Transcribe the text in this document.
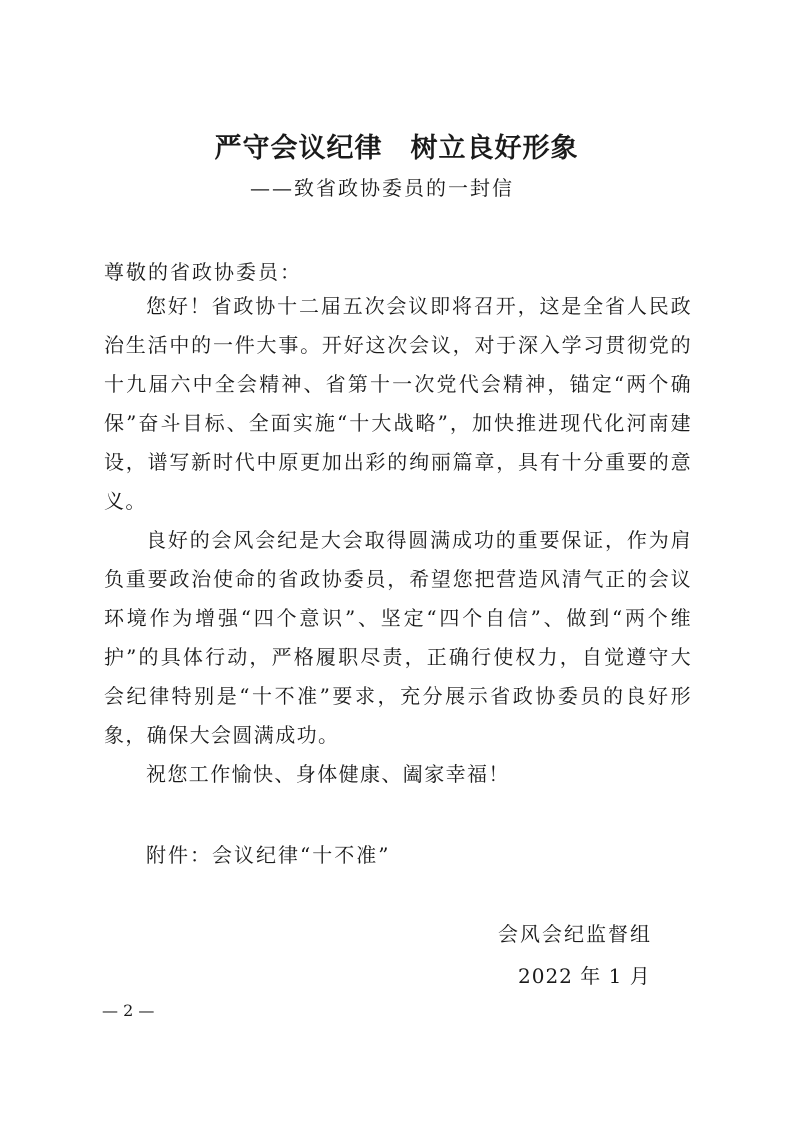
严守会议纪律　树立良好形象
——致省政协委员的一封信
尊敬的省政协委员：

您好！省政协十二届五次会议即将召开，这是全省人民政治生活中的一件大事。开好这次会议，对于深入学习贯彻党的十九届六中全会精神、省第十一次党代会精神，锚定“两个确保”奋斗目标、全面实施“十大战略”，加快推进现代化河南建设，谱写新时代中原更加出彩的绚丽篇章，具有十分重要的意义。

良好的会风会纪是大会取得圆满成功的重要保证，作为肩负重要政治使命的省政协委员，希望您把营造风清气正的会议环境作为增强“四个意识”、坚定“四个自信”、做到“两个维护”的具体行动，严格履职尽责，正确行使权力，自觉遵守大会纪律特别是“十不准”要求，充分展示省政协委员的良好形象，确保大会圆满成功。

祝您工作愉快、身体健康、阖家幸福！

附件：会议纪律“十不准”
会风会纪监督组
2022 年 1 月
— 2 —
